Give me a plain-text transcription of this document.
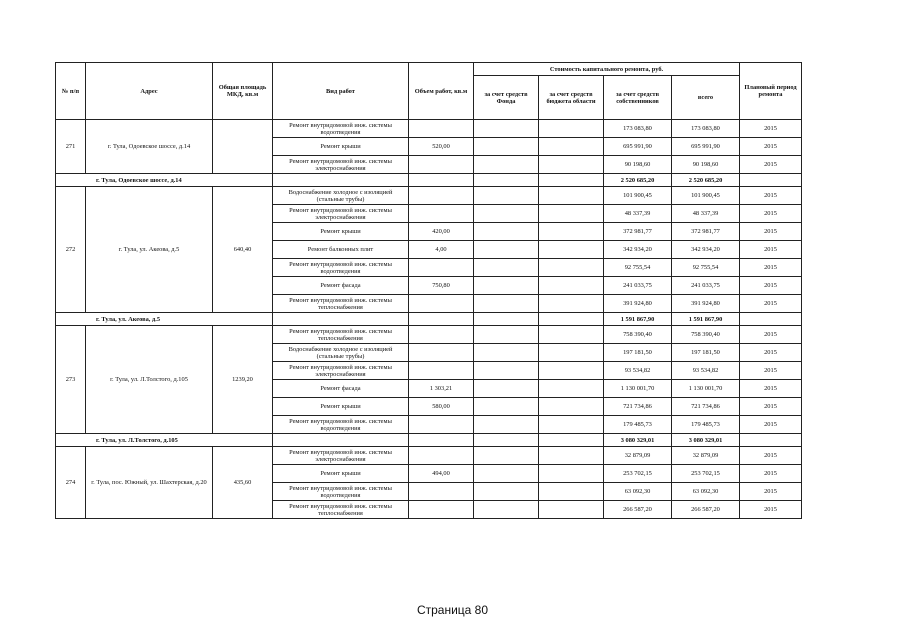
№ п/п	Адрес	Общая площадь МКД, кв.м	Вид работ	Объем работ, кв.м	Стоимость капитального ремонта, руб.				Плановый период ремонта
					за счет средств Фонда	за счет средств бюджета области	за счет средств собственников	всего	
271	г. Тула, Одоевское шоссе, д.14		Ремонт внутридомовой инж. системы водоотведения				173 083,80	173 083,80	2015
			Ремонт крыши	520,00			695 991,90	695 991,90	2015
			Ремонт внутридомовой инж. системы электроснабжения				90 198,60	90 198,60	2015
г. Тула, Одоевское шоссе, д.14							2 520 685,20	2 520 685,20	
272	г. Тула, ул. Акеова, д.5	640,40	Водоснабжение холодное с изоляцией (стальные трубы)				101 900,45	101 900,45	2015
			Ремонт внутридомовой инж. системы электроснабжения				48 337,39	48 337,39	2015
			Ремонт крыши	420,00			372 981,77	372 981,77	2015
			Ремонт балконных плит	4,00			342 934,20	342 934,20	2015
			Ремонт внутридомовой инж. системы водоотведения				92 755,54	92 755,54	2015
			Ремонт фасада	750,80			241 033,75	241 033,75	2015
			Ремонт внутридомовой инж. системы теплоснабжения				391 924,80	391 924,80	2015
г. Тула, ул. Акеова, д.5							1 591 867,90	1 591 867,90	
273	г. Тула, ул. Л.Толстого, д.105	1239,20	Ремонт внутридомовой инж. системы теплоснабжения				758 390,40	758 390,40	2015
			Водоснабжение холодное с изоляцией (стальные трубы)				197 181,50	197 181,50	2015
			Ремонт внутридомовой инж. системы электроснабжения				93 534,82	93 534,82	2015
			Ремонт фасада	1 303,21			1 130 001,70	1 130 001,70	2015
			Ремонт крыши	580,00			721 734,86	721 734,86	2015
			Ремонт внутридомовой инж. системы водоотведения				179 485,73	179 485,73	2015
г. Тула, ул. Л.Толстого, д.105							3 080 329,01	3 080 329,01	
274	г. Тула, пос. Южный, ул. Шахтерская, д.20	435,60	Ремонт внутридомовой инж. системы электроснабжения				32 879,09	32 879,09	2015
			Ремонт крыши	494,00			253 702,15	253 702,15	2015
			Ремонт внутридомовой инж. системы водоотведения				63 092,30	63 092,30	2015
			Ремонт внутридомовой инж. системы теплоснабжения				266 587,20	266 587,20	2015
Страница 80
